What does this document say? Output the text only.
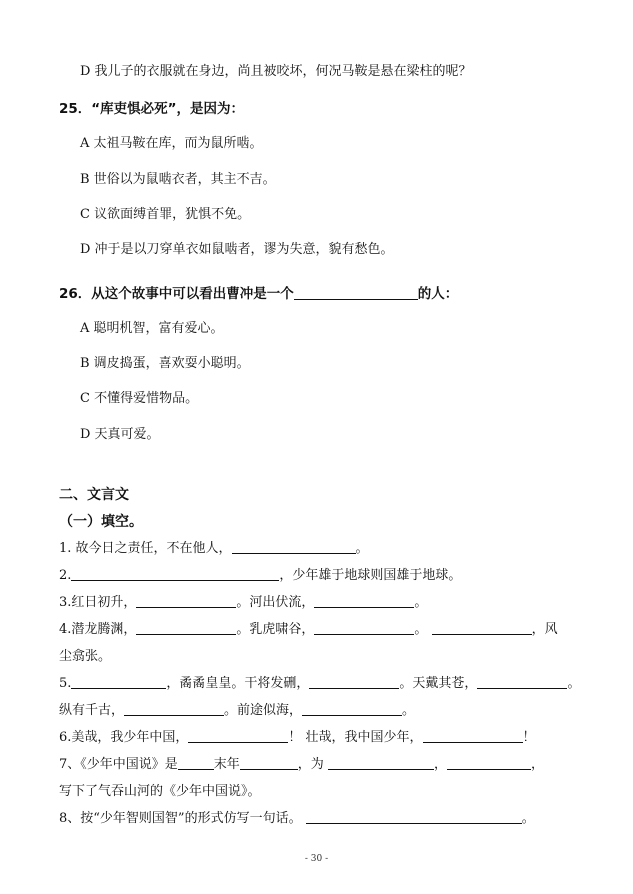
D 我儿子的衣服就在身边，尚且被咬坏，何况马鞍是悬在梁柱的呢？
25．“库吏惧必死”，是因为：
A 太祖马鞍在库，而为鼠所啮。
B 世俗以为鼠啮衣者，其主不吉。
C 议欲面缚首罪，犹惧不免。
D 冲于是以刀穿单衣如鼠啮者，谬为失意，貌有愁色。
26．从这个故事中可以看出曹冲是一个	的人：
A 聪明机智，富有爱心。
B 调皮捣蛋，喜欢耍小聪明。
C 不懂得爱惜物品。
D 天真可爱。
二、文言文
（一）填空。
1. 故今日之责任，不在他人，	。
2.	，少年雄于地球则国雄于地球。
3.红日初升，	。河出伏流，	。
4.潜龙腾渊，	。乳虎啸谷，	。	，风
尘翕张。
5.	，矞矞皇皇。干将发硎，	。天戴其苍，	。
纵有千古，	。前途似海，	。
6.美哉，我少年中国，	！ 壮哉，我中国少年，	！
7、《少年中国说》是	末年	，为	，	，
写下了气吞山河的《少年中国说》。
8、按“少年智则国智”的形式仿写一句话。	。
- 30 -
